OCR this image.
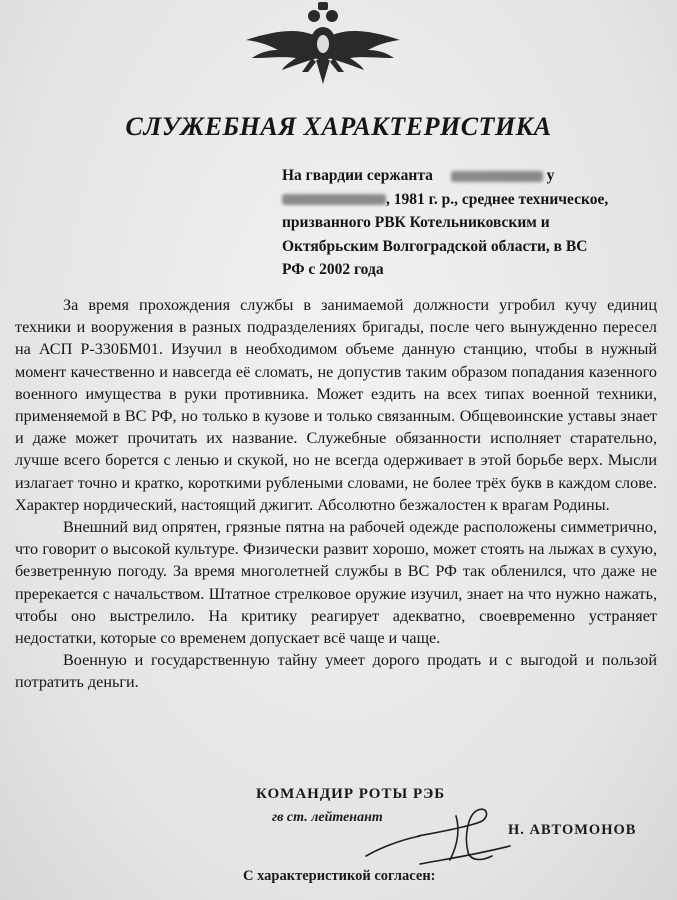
СЛУЖЕБНАЯ ХАРАКТЕРИСТИКА
На гвардии сержанта	у
, 1981 г. р., среднее техническое,
призванного РВК Котельниковским и
Октябрьским Волгоградской области, в ВС
РФ с 2002 года

За время прохождения службы в занимаемой должности угробил кучу единиц техники и вооружения в разных подразделениях бригады, после чего вынужденно пересел на АСП Р-330БМ01. Изучил в необходимом объеме данную станцию, чтобы в нужный момент качественно и навсегда её сломать, не допустив таким образом попадания казенного военного имущества в руки противника. Может ездить на всех типах военной техники, применяемой в ВС РФ, но только в кузове и только связанным. Общевоинские уставы знает и даже может прочитать их название. Служебные обязанности исполняет старательно, лучше всего борется с ленью и скукой, но не всегда одерживает в этой борьбе верх. Мысли излагает точно и кратко, короткими рублеными словами, не более трёх букв в каждом слове. Характер нордический, настоящий джигит. Абсолютно безжалостен к врагам Родины.

Внешний вид опрятен, грязные пятна на рабочей одежде расположены симметрично, что говорит о высокой культуре. Физически развит хорошо, может стоять на лыжах в сухую, безветренную погоду. За время многолетней службы в ВС РФ так обленился, что даже не пререкается с начальством. Штатное стрелковое оружие изучил, знает на что нужно нажать, чтобы оно выстрелило. На критику реагирует адекватно, своевременно устраняет недостатки, которые со временем допускает всё чаще и чаще.

Военную и государственную тайну умеет дорого продать и с выгодой и пользой потратить деньги.

КОМАНДИР РОТЫ РЭБ
гв ст. лейтенант
Н. АВТОМОНОВ
С характеристикой согласен:
